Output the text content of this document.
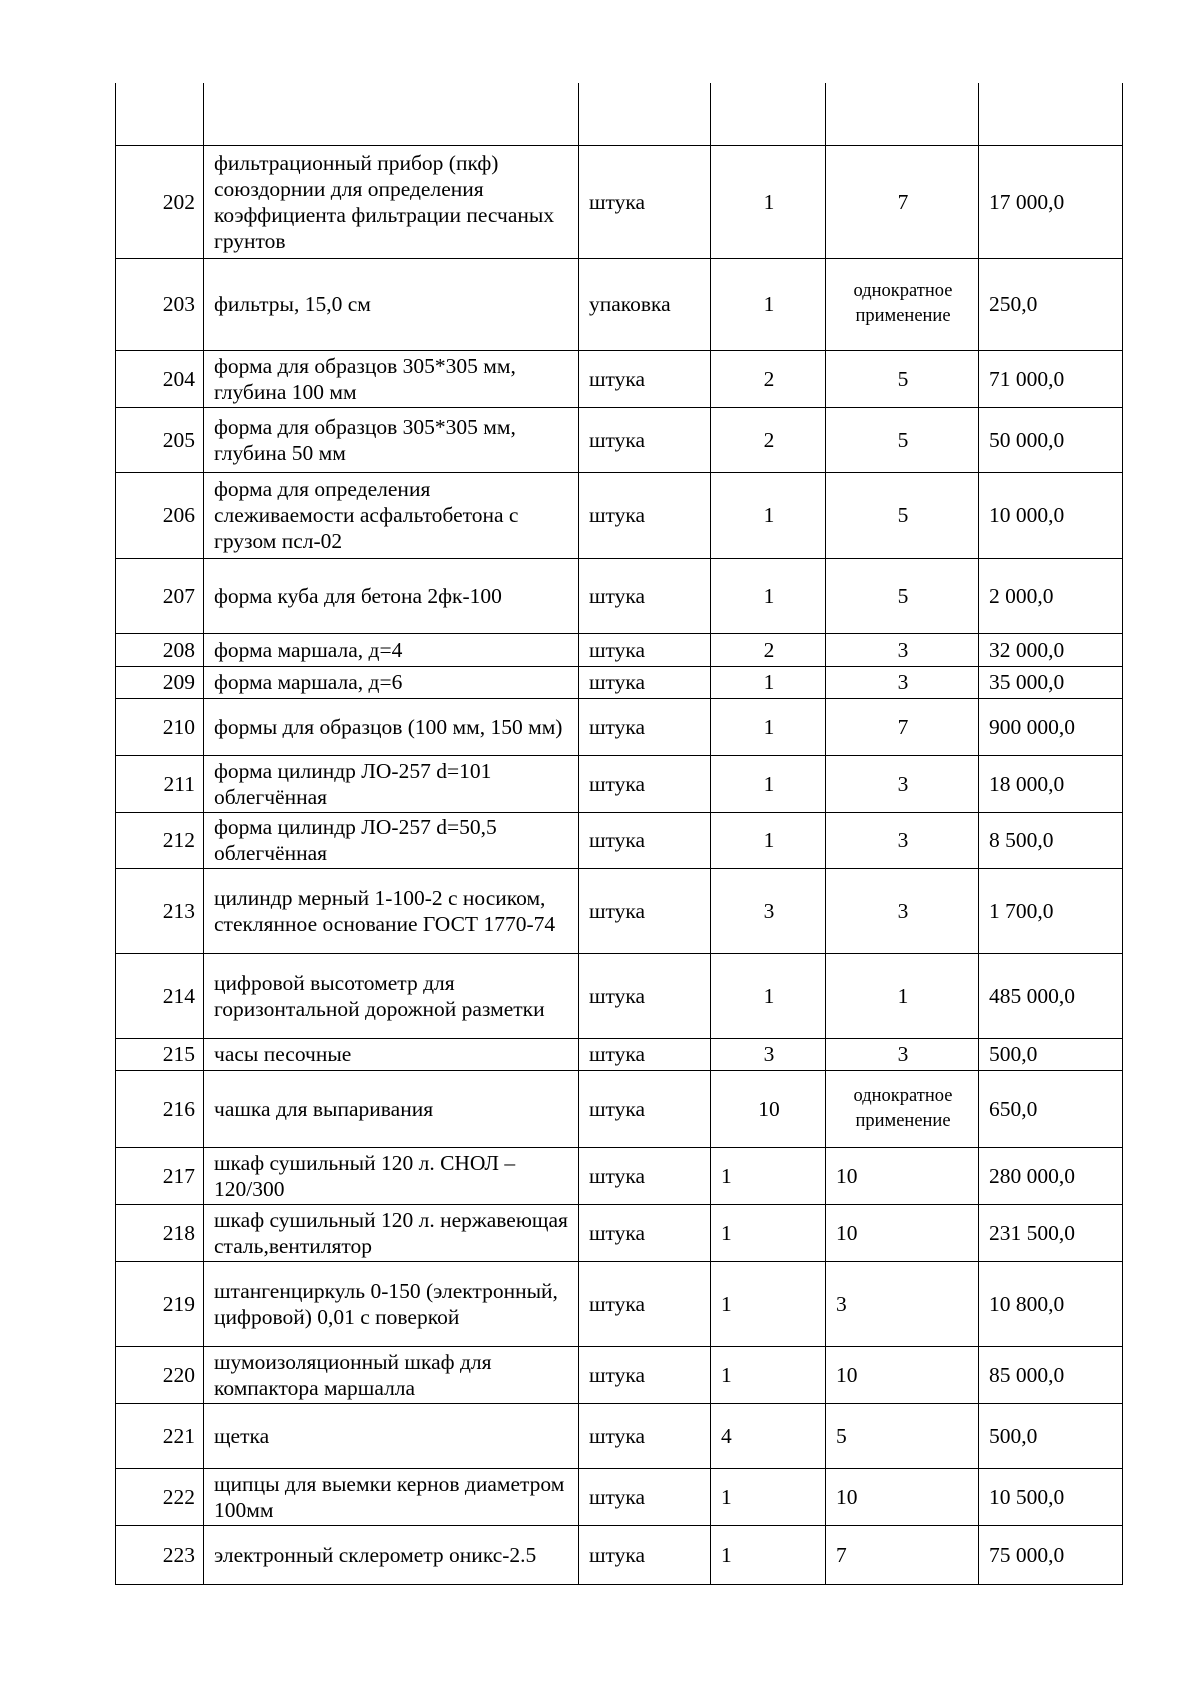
202	фильтрационный прибор (пкф) союздорнии для определения коэффициента фильтрации песчаных грунтов	штука	1	7	17 000,0
203	фильтры, 15,0 см	упаковка	1	однократное применение	250,0
204	форма для образцов 305*305 мм, глубина 100 мм	штука	2	5	71 000,0
205	форма для образцов 305*305 мм, глубина 50 мм	штука	2	5	50 000,0
206	форма для определения слеживаемости асфальтобетона с грузом псл-02	штука	1	5	10 000,0
207	форма куба для бетона 2фк-100	штука	1	5	2 000,0
208	форма маршала, д=4	штука	2	3	32 000,0
209	форма маршала, д=6	штука	1	3	35 000,0
210	формы для образцов (100 мм, 150 мм)	штука	1	7	900 000,0
211	форма цилиндр ЛО-257 d=101 облегчённая	штука	1	3	18 000,0
212	форма цилиндр ЛО-257 d=50,5 облегчённая	штука	1	3	8 500,0
213	цилиндр мерный 1-100-2 с носиком, стеклянное основание ГОСТ 1770-74	штука	3	3	1 700,0
214	цифровой высотометр для горизонтальной дорожной разметки	штука	1	1	485 000,0
215	часы песочные	штука	3	3	500,0
216	чашка для выпаривания	штука	10	однократное применение	650,0
217	шкаф сушильный 120 л. СНОЛ – 120/300	штука	1	10	280 000,0
218	шкаф сушильный 120 л. нержавеющая сталь,вентилятор	штука	1	10	231 500,0
219	штангенциркуль 0-150 (электронный, цифровой) 0,01 с поверкой	штука	1	3	10 800,0
220	шумоизоляционный шкаф для компактора маршалла	штука	1	10	85 000,0
221	щетка	штука	4	5	500,0
222	щипцы для выемки кернов диаметром 100мм	штука	1	10	10 500,0
223	электронный склерометр оникс-2.5	штука	1	7	75 000,0
